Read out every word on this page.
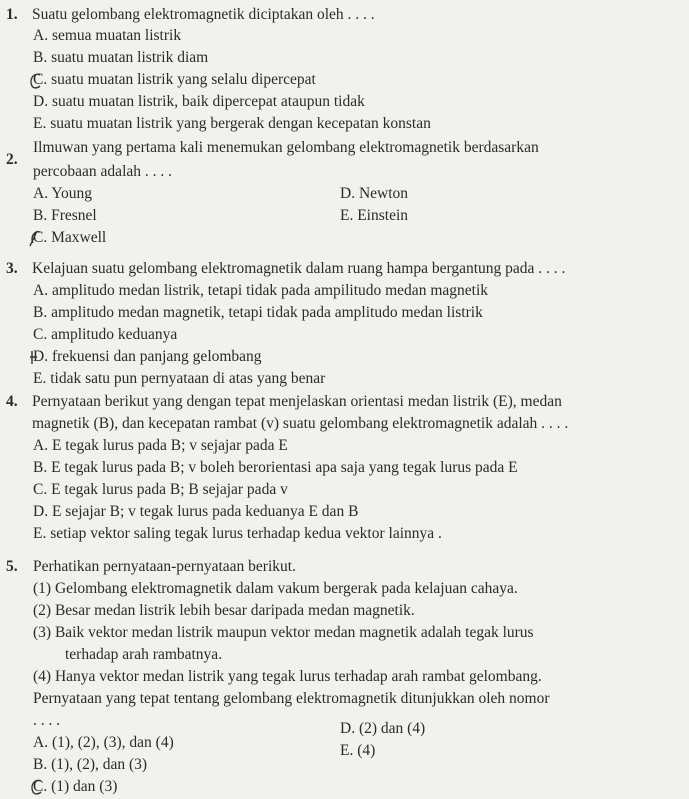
1. Suatu gelombang elektromagnetik diciptakan oleh . . . .
A. semua muatan listrik
B. suatu muatan listrik diam
C. suatu muatan listrik yang selalu dipercepat
D. suatu muatan listrik, baik dipercepat ataupun tidak
E. suatu muatan listrik yang bergerak dengan kecepatan konstan
2.
Ilmuwan yang pertama kali menemukan gelombang elektromagnetik berdasarkan
percobaan adalah . . . .
A. Young
B. Fresnel
C. Maxwell
D. Newton
E. Einstein
3. Kelajuan suatu gelombang elektromagnetik dalam ruang hampa bergantung pada . . . .
A. amplitudo medan listrik, tetapi tidak pada ampilitudo medan magnetik
B. amplitudo medan magnetik, tetapi tidak pada amplitudo medan listrik
C. amplitudo keduanya
D. frekuensi dan panjang gelombang
E. tidak satu pun pernyataan di atas yang benar
4. Pernyataan berikut yang dengan tepat menjelaskan orientasi medan listrik (E), medan
magnetik (B), dan kecepatan rambat (v) suatu gelombang elektromagnetik adalah . . . .
A. E tegak lurus pada B; v sejajar pada E
B. E tegak lurus pada B; v boleh berorientasi apa saja yang tegak lurus pada E
C. E tegak lurus pada B; B sejajar pada v
D. E sejajar B; v tegak lurus pada keduanya E dan B
E. setiap vektor saling tegak lurus terhadap kedua vektor lainnya .
5. Perhatikan pernyataan-pernyataan berikut.
(1) Gelombang elektromagnetik dalam vakum bergerak pada kelajuan cahaya.
(2) Besar medan listrik lebih besar daripada medan magnetik.
(3) Baik vektor medan listrik maupun vektor medan magnetik adalah tegak lurus
terhadap arah rambatnya.
(4) Hanya vektor medan listrik yang tegak lurus terhadap arah rambat gelombang.
Pernyataan yang tepat tentang gelombang elektromagnetik ditunjukkan oleh nomor
. . . .
A. (1), (2), (3), dan (4)
B. (1), (2), dan (3)
C. (1) dan (3)
D. (2) dan (4)
E. (4)
